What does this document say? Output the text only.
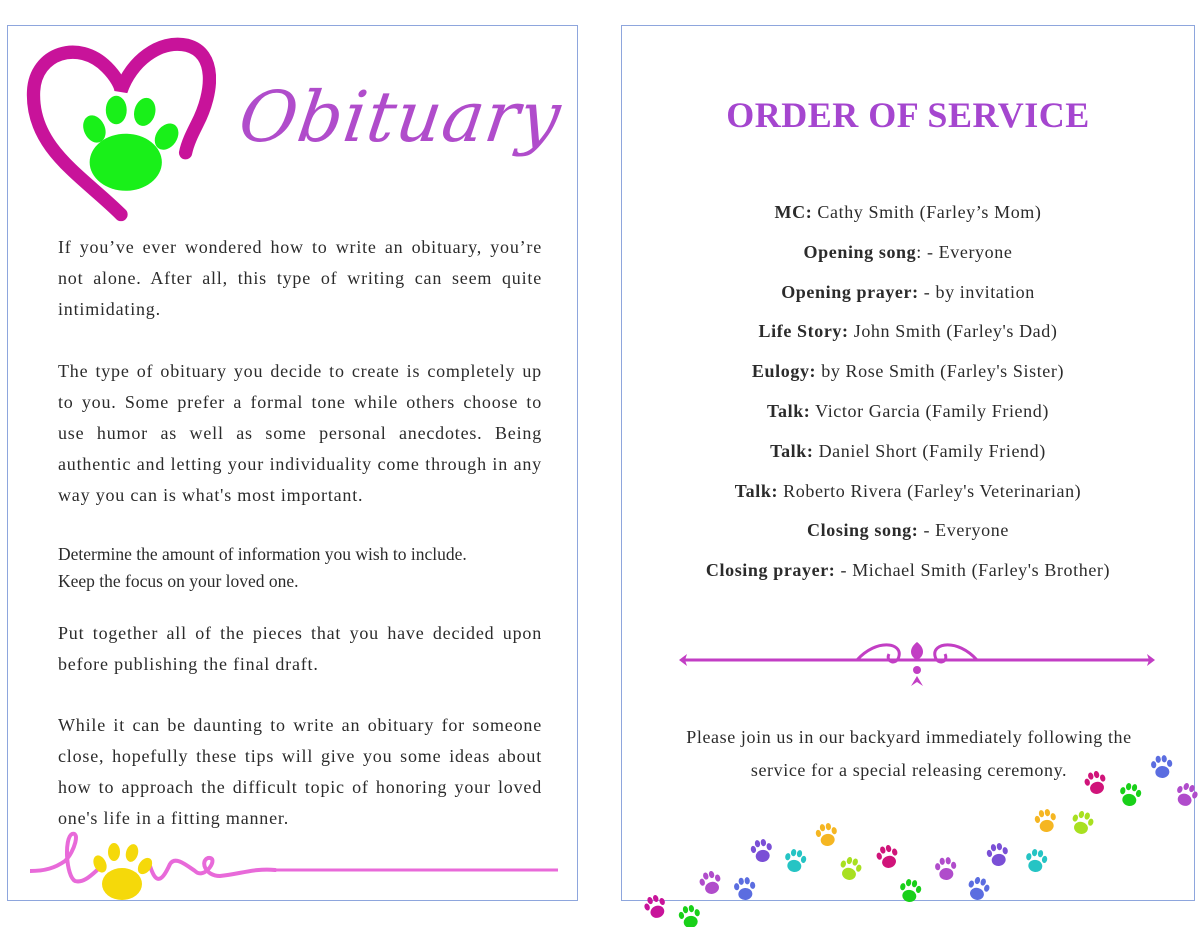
Obituary

If you’ve ever wondered how to write an obituary, you’re not alone. After all, this type of writing can seem quite intimidating.

The type of obituary you decide to create is completely up to you. Some prefer a formal tone while others choose to use humor as well as some personal anecdotes. Being authentic and letting your individuality come through in any way you can is what's most important.

Determine the amount of information you wish to include.

Keep the focus on your loved one.

Put together all of the pieces that you have decided upon before publishing the final draft.

While it can be daunting to write an obituary for someone close, hopefully these tips will give you some ideas about how to approach the difficult topic of honoring your loved one's life in a fitting manner.

ORDER OF SERVICE
MC: Cathy Smith (Farley’s Mom)
Opening song: - Everyone
Opening prayer: - by invitation
Life Story: John Smith (Farley's Dad)
Eulogy: by Rose Smith (Farley's Sister)
Talk: Victor Garcia (Family Friend)
Talk: Daniel Short (Family Friend)
Talk: Roberto Rivera (Farley's Veterinarian)
Closing song: - Everyone
Closing prayer: - Michael Smith (Farley's Brother)

Please join us in our backyard immediately following the
service for a special releasing ceremony.
